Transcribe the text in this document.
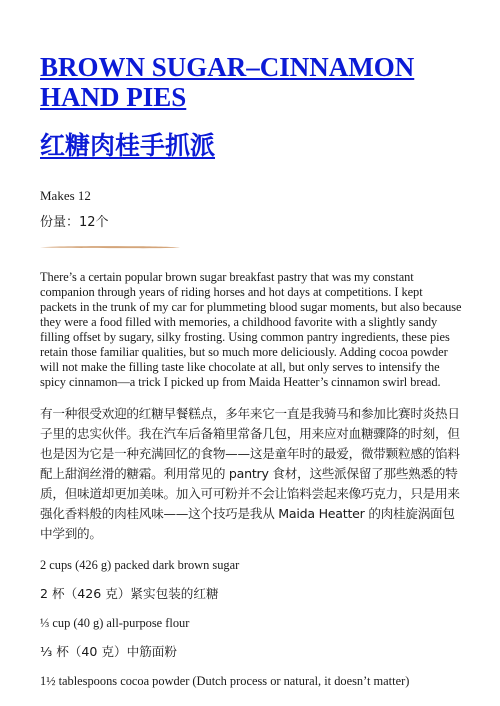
BROWN SUGAR–CINNAMON HAND PIES
红糖肉桂手抓派

Makes 12

份量：12个

There’s a certain popular brown sugar breakfast pastry that was my constant companion through years of riding horses and hot days at competitions. I kept packets in the trunk of my car for plummeting blood sugar moments, but also because they were a food filled with memories, a childhood favorite with a slightly sandy filling offset by sugary, silky frosting. Using common pantry ingredients, these pies retain those familiar qualities, but so much more deliciously. Adding cocoa powder will not make the filling taste like chocolate at all, but only serves to intensify the spicy cinnamon—a trick I picked up from Maida Heatter’s cinnamon swirl bread.

有一种很受欢迎的红糖早餐糕点，多年来它一直是我骑马和参加比赛时炎热日子里的忠实伙伴。我在汽车后备箱里常备几包，用来应对血糖骤降的时刻，但也是因为它是一种充满回忆的食物——这是童年时的最爱，微带颗粒感的馅料配上甜润丝滑的糖霜。利用常见的 pantry 食材，这些派保留了那些熟悉的特质，但味道却更加美味。加入可可粉并不会让馅料尝起来像巧克力，只是用来强化香料般的肉桂风味——这个技巧是我从 Maida Heatter 的肉桂旋涡面包中学到的。

2 cups (426 g) packed dark brown sugar

2 杯（426 克）紧实包装的红糖

⅓ cup (40 g) all-purpose flour

⅓ 杯（40 克）中筋面粉

1½ tablespoons cocoa powder (Dutch process or natural, it doesn’t matter)
